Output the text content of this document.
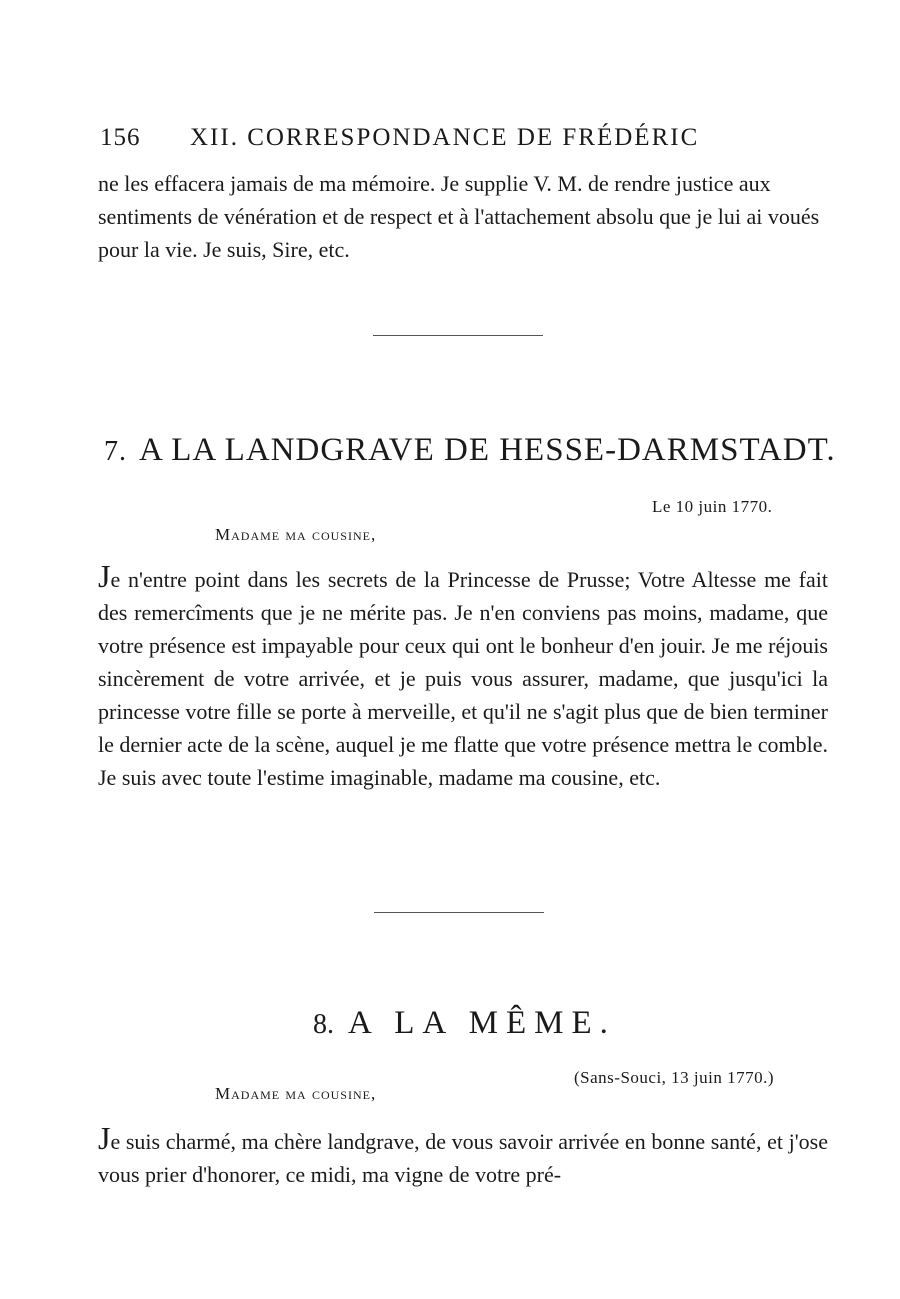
156 XII. CORRESPONDANCE DE FRÉDÉRIC

ne les effacera jamais de ma mémoire. Je supplie V. M. de rendre justice aux sentiments de vénération et de respect et à l'attachement absolu que je lui ai voués pour la vie. Je suis, Sire, etc.

7. A LA LANDGRAVE DE HESSE-DARMSTADT.
Le 10 juin 1770.
Madame ma cousine,

Je n'entre point dans les secrets de la Princesse de Prusse; Votre Altesse me fait des remercîments que je ne mérite pas. Je n'en conviens pas moins, madame, que votre présence est impayable pour ceux qui ont le bonheur d'en jouir. Je me réjouis sincèrement de votre arrivée, et je puis vous assurer, madame, que jusqu'ici la princesse votre fille se porte à merveille, et qu'il ne s'agit plus que de bien terminer le dernier acte de la scène, auquel je me flatte que votre présence mettra le comble. Je suis avec toute l'estime imaginable, madame ma cousine, etc.

8. A LA MÊME.
(Sans-Souci, 13 juin 1770.)
Madame ma cousine,

Je suis charmé, ma chère landgrave, de vous savoir arrivée en bonne santé, et j'ose vous prier d'honorer, ce midi, ma vigne de votre pré-
